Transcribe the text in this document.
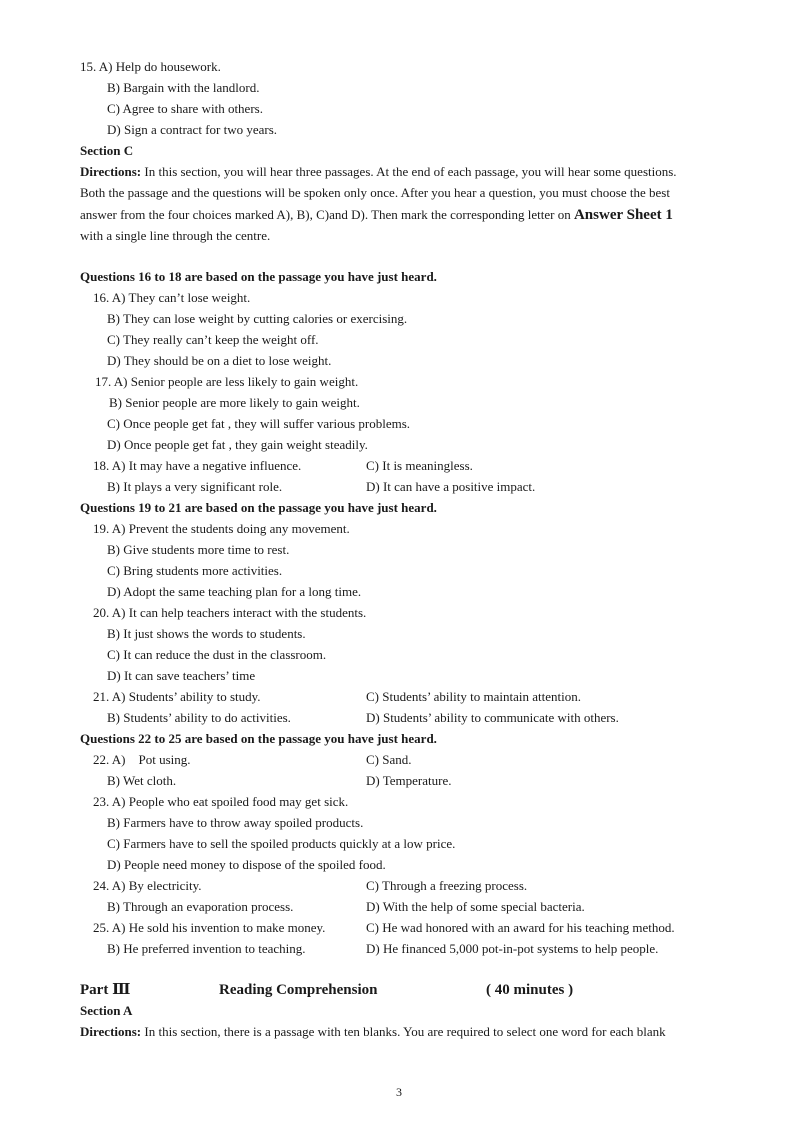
15. A) Help do housework.
B) Bargain with the landlord.
C) Agree to share with others.
D) Sign a contract for two years.
Section C
Directions: In this section, you will hear three passages. At the end of each passage, you will hear some questions.
Both the passage and the questions will be spoken only once. After you hear a question, you must choose the best
answer from the four choices marked A), B), C)and D). Then mark the corresponding letter on Answer Sheet 1
with a single line through the centre.
Questions 16 to 18 are based on the passage you have just heard.
16. A) They can’t lose weight.
B) They can lose weight by cutting calories or exercising.
C) They really can’t keep the weight off.
D) They should be on a diet to lose weight.
17. A) Senior people are less likely to gain weight.
B) Senior people are more likely to gain weight.
C) Once people get fat , they will suffer various problems.
D) Once people get fat , they gain weight steadily.
18. A) It may have a negative influence.	C) It is meaningless.
B) It plays a very significant role.	D) It can have a positive impact.
Questions 19 to 21 are based on the passage you have just heard.
19. A) Prevent the students doing any movement.
B) Give students more time to rest.
C) Bring students more activities.
D) Adopt the same teaching plan for a long time.
20. A) It can help teachers interact with the students.
B) It just shows the words to students.
C) It can reduce the dust in the classroom.
D) It can save teachers’ time
21. A) Students’ ability to study.	C) Students’ ability to maintain attention.
B) Students’ ability to do activities.	D) Students’ ability to communicate with others.
Questions 22 to 25 are based on the passage you have just heard.
22. A)    Pot using.	C) Sand.
B) Wet cloth.	D) Temperature.
23. A) People who eat spoiled food may get sick.
B) Farmers have to throw away spoiled products.
C) Farmers have to sell the spoiled products quickly at a low price.
D) People need money to dispose of the spoiled food.
24. A) By electricity.	C) Through a freezing process.
B) Through an evaporation process.	D) With the help of some special bacteria.
25. A) He sold his invention to make money.	C) He wad honored with an award for his teaching method.
B) He preferred invention to teaching.	D) He financed 5,000 pot-in-pot systems to help people.
Part Ⅲ	Reading Comprehension	( 40 minutes )
Section A
Directions: In this section, there is a passage with ten blanks. You are required to select one word for each blank
3
